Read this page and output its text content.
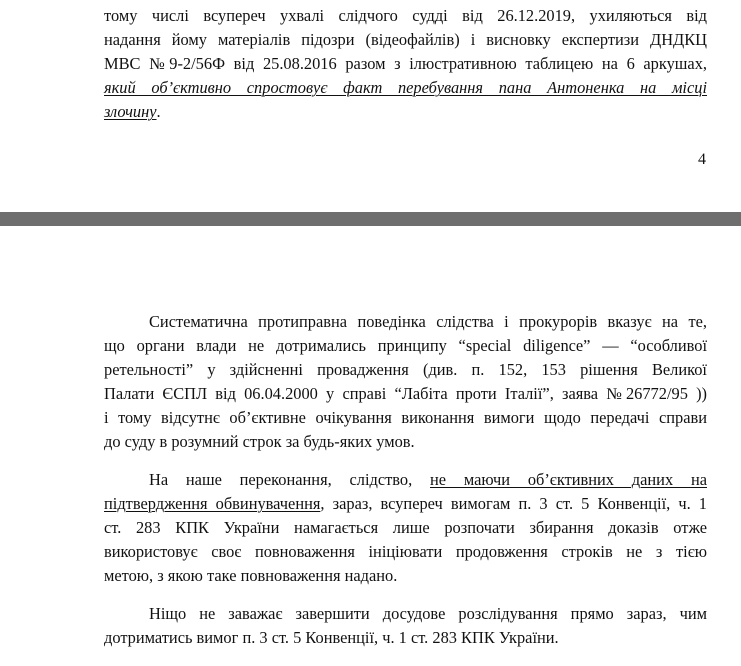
тому числі всупереч ухвалі слідчого судді від 26.12.2019, ухиляються від
надання йому матеріалів підозри (відеофайлів) і висновку експертизи ДНДКЦ
МВС №9-2/56Ф від 25.08.2016 разом з ілюстративною таблицею на 6 аркушах,
який об’єктивно спростовує факт перебування пана Антоненка на місці
злочину.
4
Систематична протиправна поведінка слідства і прокурорів вказує на те,
що органи влади не дотримались принципу “special diligence” — “особливої
ретельності” у здійсненні провадження (див. п. 152, 153 рішення Великої
Палати ЄСПЛ від 06.04.2000 у справі “Лабіта проти Італії”, заява №26772/95 ))
і тому відсутнє об’єктивне очікування виконання вимоги щодо передачі справи
до суду в розумний строк за будь-яких умов.
На наше переконання, слідство, не маючи об’єктивних даних на
підтвердження обвинувачення, зараз, всупереч вимогам п. 3 ст. 5 Конвенції, ч. 1
ст. 283 КПК України намагається лише розпочати збирання доказів отже
використовує своє повноваження ініціювати продовження строків не з тією
метою, з якою таке повноваження надано.
Ніщо не заважає завершити досудове розслідування прямо зараз, чим
дотриматись вимог п. 3 ст. 5 Конвенції, ч. 1 ст. 283 КПК України.
